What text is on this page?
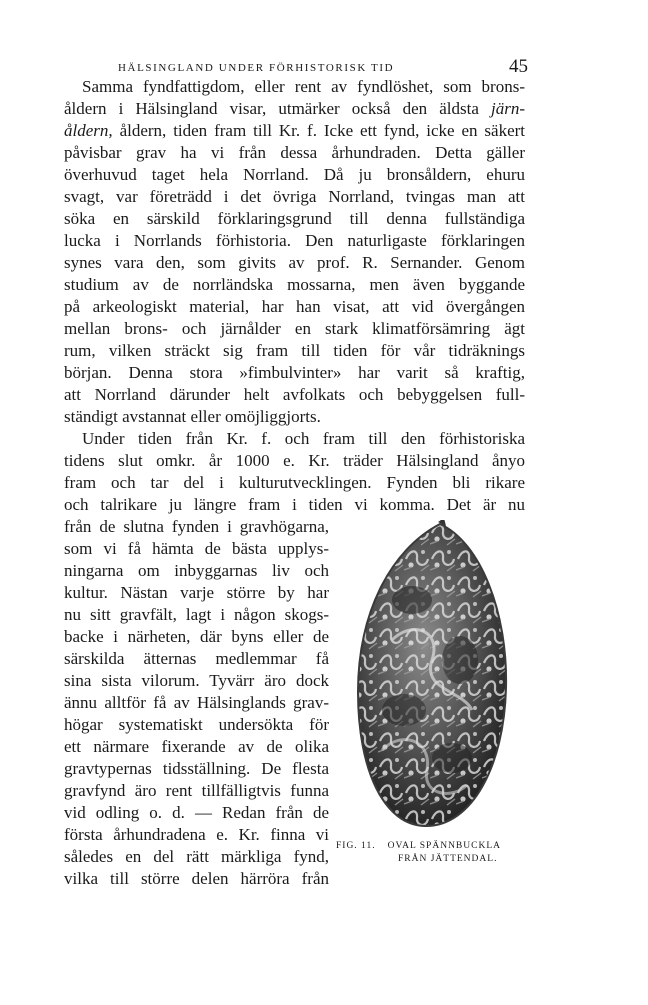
HÄLSINGLAND UNDER FÖRHISTORISK TID	45
Samma fyndfattigdom, eller rent av fyndlöshet, som brons-
åldern i Hälsingland visar, utmärker också den äldsta järn-
åldern, åldern, tiden fram till Kr. f. Icke ett fynd, icke en säkert
påvisbar grav ha vi från dessa århundraden. Detta gäller
överhuvud taget hela Norrland. Då ju bronsåldern, ehuru
svagt, var företrädd i det övriga Norrland, tvingas man att
söka en särskild förklaringsgrund till denna fullständiga
lucka i Norrlands förhistoria. Den naturligaste förklaringen
synes vara den, som givits av prof. R. Sernander. Genom
studium av de norrländska mossarna, men även byggande
på arkeologiskt material, har han visat, att vid övergången
mellan brons- och järnålder en stark klimatförsämring ägt
rum, vilken sträckt sig fram till tiden för vår tidräknings
början. Denna stora »fimbulvinter» har varit så kraftig,
att Norrland därunder helt avfolkats och bebyggelsen full-
ständigt avstannat eller omöjliggjorts.
Under tiden från Kr. f. och fram till den förhistoriska
tidens slut omkr. år 1000 e. Kr. träder Hälsingland ånyo
fram och tar del i kulturutvecklingen. Fynden bli rikare
och talrikare ju längre fram i tiden vi komma. Det är nu
från de slutna fynden i gravhögarna,
som vi få hämta de bästa upplys-
ningarna om inbyggarnas liv och
kultur. Nästan varje större by har
nu sitt gravfält, lagt i någon skogs-
backe i närheten, där byns eller de
särskilda ätternas medlemmar få
sina sista vilorum. Tyvärr äro dock
ännu alltför få av Hälsinglands grav-
högar systematiskt undersökta för
ett närmare fixerande av de olika
gravtypernas tidsställning. De flesta
gravfynd äro rent tillfälligtvis funna
vid odling o. d. — Redan från de
första århundradena e. Kr. finna vi
således en del rätt märkliga fynd,
vilka till större delen härröra från
FIG. 11. OVAL SPÄNNBUCKLA
FRÅN JÄTTENDAL.
